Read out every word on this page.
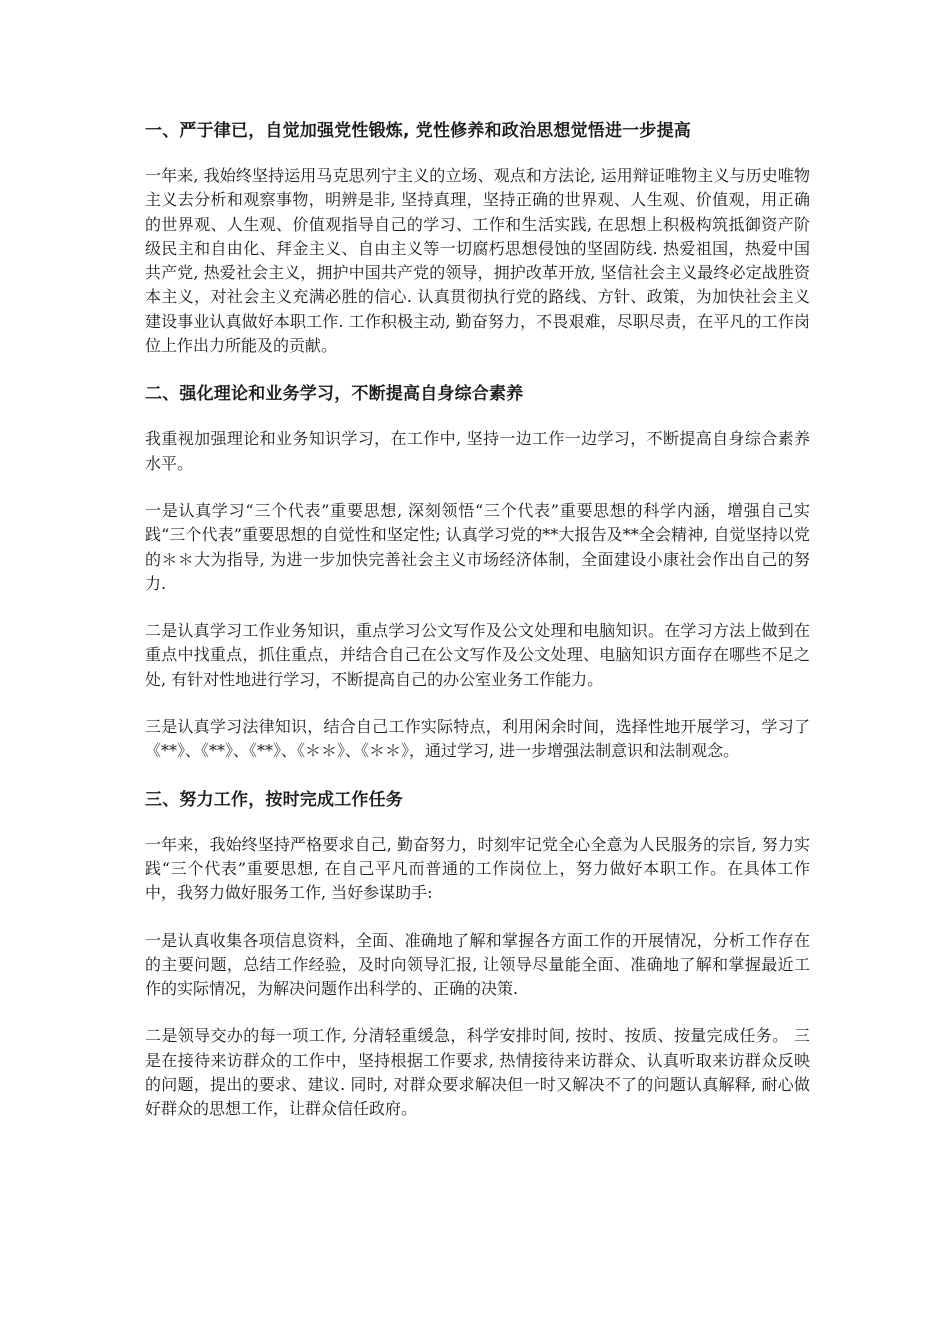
一、严于律已，自觉加强党性锻炼, 党性修养和政治思想觉悟进一步提高

一年来, 我始终坚持运用马克思列宁主义的立场、观点和方法论, 运用辩证唯物主义与历史唯物主义去分析和观察事物，明辨是非, 坚持真理，坚持正确的世界观、人生观、价值观，用正确的世界观、人生观、价值观指导自己的学习、工作和生活实践, 在思想上积极构筑抵御资产阶级民主和自由化、拜金主义、自由主义等一切腐朽思想侵蚀的坚固防线. 热爱祖国，热爱中国共产党, 热爱社会主义，拥护中国共产党的领导，拥护改革开放, 坚信社会主义最终必定战胜资本主义，对社会主义充满必胜的信心. 认真贯彻执行党的路线、方针、政策，为加快社会主义建设事业认真做好本职工作. 工作积极主动, 勤奋努力，不畏艰难，尽职尽责，在平凡的工作岗位上作出力所能及的贡献。

二、强化理论和业务学习，不断提高自身综合素养

我重视加强理论和业务知识学习，在工作中, 坚持一边工作一边学习，不断提高自身综合素养水平。

一是认真学习“三个代表”重要思想, 深刻领悟“三个代表”重要思想的科学内涵，增强自己实践“三个代表”重要思想的自觉性和坚定性; 认真学习党的**大报告及**全会精神, 自觉坚持以党的＊＊大为指导, 为进一步加快完善社会主义市场经济体制，全面建设小康社会作出自己的努力.

二是认真学习工作业务知识，重点学习公文写作及公文处理和电脑知识。在学习方法上做到在重点中找重点，抓住重点，并结合自己在公文写作及公文处理、电脑知识方面存在哪些不足之处, 有针对性地进行学习，不断提高自己的办公室业务工作能力。

三是认真学习法律知识，结合自己工作实际特点，利用闲余时间，选择性地开展学习，学习了《**》、《**》、《**》、《＊＊》、《＊＊》，通过学习, 进一步增强法制意识和法制观念。

三、努力工作，按时完成工作任务

一年来，我始终坚持严格要求自己, 勤奋努力，时刻牢记党全心全意为人民服务的宗旨, 努力实践“三个代表”重要思想, 在自己平凡而普通的工作岗位上，努力做好本职工作。在具体工作中，我努力做好服务工作, 当好参谋助手:

一是认真收集各项信息资料，全面、准确地了解和掌握各方面工作的开展情况，分析工作存在的主要问题，总结工作经验，及时向领导汇报, 让领导尽量能全面、准确地了解和掌握最近工作的实际情况，为解决问题作出科学的、正确的决策.

二是领导交办的每一项工作, 分清轻重缓急，科学安排时间, 按时、按质、按量完成任务。 三是在接待来访群众的工作中，坚持根据工作要求, 热情接待来访群众、认真听取来访群众反映的问题，提出的要求、建议. 同时, 对群众要求解决但一时又解决不了的问题认真解释, 耐心做好群众的思想工作，让群众信任政府。
